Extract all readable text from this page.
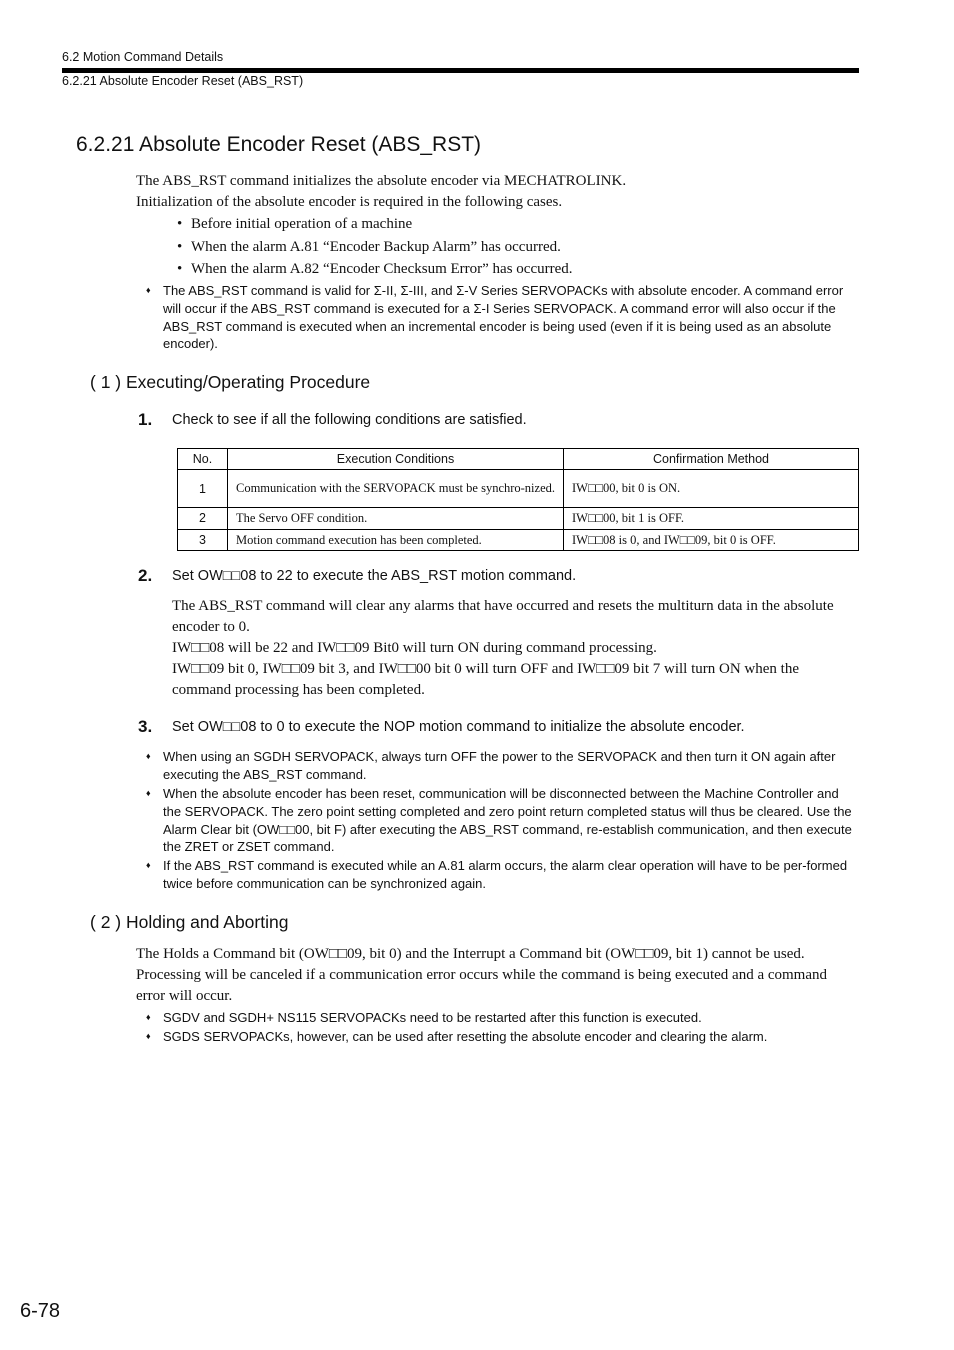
6.2 Motion Command Details
6.2.21 Absolute Encoder Reset (ABS_RST)
6.2.21 Absolute Encoder Reset (ABS_RST)
The ABS_RST command initializes the absolute encoder via MECHATROLINK.
Initialization of the absolute encoder is required in the following cases.
• Before initial operation of a machine
• When the alarm A.81 “Encoder Backup Alarm” has occurred.
• When the alarm A.82 “Encoder Checksum Error” has occurred.
♦ The ABS_RST command is valid for Σ-II, Σ-III, and Σ-V Series SERVOPACKs with absolute encoder. A command error will occur if the ABS_RST command is executed for a Σ-I Series SERVOPACK. A command error will also occur if the ABS_RST command is executed when an incremental encoder is being used (even if it is being used as an absolute encoder).
( 1 ) Executing/Operating Procedure
1. Check to see if all the following conditions are satisfied.
No.	Execution Conditions	Confirmation Method
1	Communication with the SERVOPACK must be synchro-nized.	IW□□00, bit 0 is ON.
2	The Servo OFF condition.	IW□□00, bit 1 is OFF.
3	Motion command execution has been completed.	IW□□08 is 0, and IW□□09, bit 0 is OFF.
2. Set OW□□08 to 22 to execute the ABS_RST motion command.
The ABS_RST command will clear any alarms that have occurred and resets the multiturn data in the absolute encoder to 0.
IW□□08 will be 22 and IW□□09 Bit0 will turn ON during command processing.
IW□□09 bit 0, IW□□09 bit 3, and IW□□00 bit 0 will turn OFF and IW□□09 bit 7 will turn ON when the command processing has been completed.
3. Set OW□□08 to 0 to execute the NOP motion command to initialize the absolute encoder.
♦ When using an SGDH SERVOPACK, always turn OFF the power to the SERVOPACK and then turn it ON again after executing the ABS_RST command.
♦ When the absolute encoder has been reset, communication will be disconnected between the Machine Controller and the SERVOPACK. The zero point setting completed and zero point return completed status will thus be cleared. Use the Alarm Clear bit (OW□□00, bit F) after executing the ABS_RST command, re-establish communication, and then execute the ZRET or ZSET command.
♦ If the ABS_RST command is executed while an A.81 alarm occurs, the alarm clear operation will have to be per-formed twice before communication can be synchronized again.
( 2 ) Holding and Aborting
The Holds a Command bit (OW□□09, bit 0) and the Interrupt a Command bit (OW□□09, bit 1) cannot be used.
Processing will be canceled if a communication error occurs while the command is being executed and a command error will occur.
♦ SGDV and SGDH+ NS115 SERVOPACKs need to be restarted after this function is executed.
♦ SGDS SERVOPACKs, however, can be used after resetting the absolute encoder and clearing the alarm.
6-78
